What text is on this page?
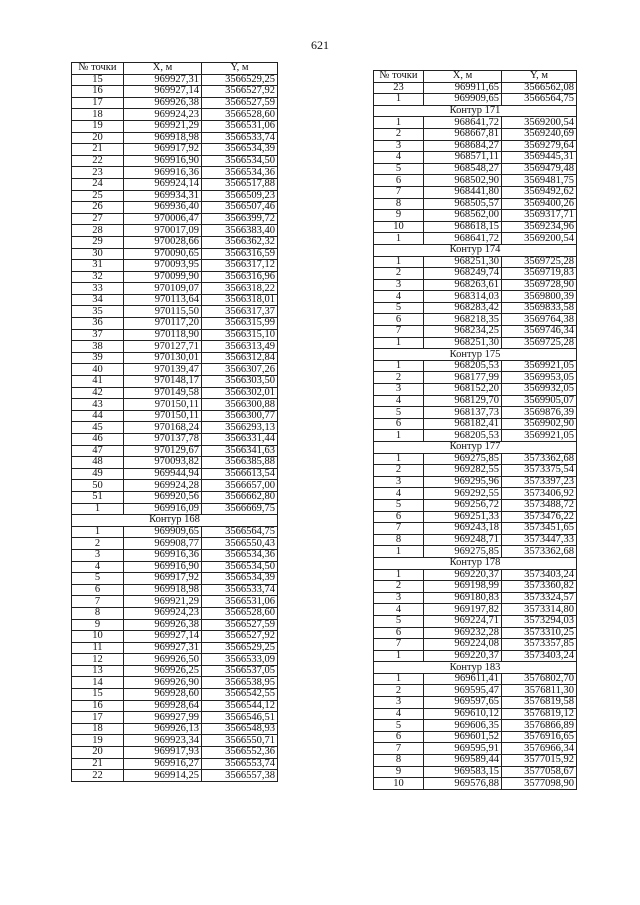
621
№ точки	X, м	Y, м
15	969927,31	3566529,25
16	969927,14	3566527,92
17	969926,38	3566527,59
18	969924,23	3566528,60
19	969921,29	3566531,06
20	969918,98	3566533,74
21	969917,92	3566534,39
22	969916,90	3566534,50
23	969916,36	3566534,36
24	969924,14	3566517,88
25	969934,31	3566509,23
26	969936,40	3566507,46
27	970006,47	3566399,72
28	970017,09	3566383,40
29	970028,66	3566362,32
30	970090,65	3566316,59
31	970093,95	3566317,12
32	970099,90	3566316,96
33	970109,07	3566318,22
34	970113,64	3566318,01
35	970115,50	3566317,37
36	970117,20	3566315,99
37	970118,90	3566315,10
38	970127,71	3566313,49
39	970130,01	3566312,84
40	970139,47	3566307,26
41	970148,17	3566303,50
42	970149,58	3566302,01
43	970150,11	3566300,88
44	970150,11	3566300,77
45	970168,24	3566293,13
46	970137,78	3566331,44
47	970129,67	3566341,63
48	970093,82	3566385,88
49	969944,94	3566613,54
50	969924,28	3566657,00
51	969920,56	3566662,80
1	969916,09	3566669,75
Контур 168		
1	969909,65	3566564,75
2	969908,77	3566550,43
3	969916,36	3566534,36
4	969916,90	3566534,50
5	969917,92	3566534,39
6	969918,98	3566533,74
7	969921,29	3566531,06
8	969924,23	3566528,60
9	969926,38	3566527,59
10	969927,14	3566527,92
11	969927,31	3566529,25
12	969926,50	3566533,09
13	969926,25	3566537,05
14	969926,90	3566538,95
15	969928,60	3566542,55
16	969928,64	3566544,12
17	969927,99	3566546,51
18	969926,13	3566548,93
19	969923,34	3566550,71
20	969917,93	3566552,36
21	969916,27	3566553,74
22	969914,25	3566557,38
№ точки	X, м	Y, м
23	969911,65	3566562,08
1	969909,65	3566564,75
Контур 171		
1	968641,72	3569200,54
2	968667,81	3569240,69
3	968684,27	3569279,64
4	968571,11	3569445,31
5	968548,27	3569479,48
6	968502,90	3569481,75
7	968441,80	3569492,62
8	968505,57	3569400,26
9	968562,00	3569317,71
10	968618,15	3569234,96
1	968641,72	3569200,54
Контур 174		
1	968251,30	3569725,28
2	968249,74	3569719,83
3	968263,61	3569728,90
4	968314,03	3569800,39
5	968283,42	3569833,58
6	968218,35	3569764,38
7	968234,25	3569746,34
1	968251,30	3569725,28
Контур 175		
1	968205,53	3569921,05
2	968177,99	3569953,05
3	968152,20	3569932,05
4	968129,70	3569905,07
5	968137,73	3569876,39
6	968182,41	3569902,90
1	968205,53	3569921,05
Контур 177		
1	969275,85	3573362,68
2	969282,55	3573375,54
3	969295,96	3573397,23
4	969292,55	3573406,92
5	969256,72	3573488,72
6	969251,33	3573476,22
7	969243,18	3573451,65
8	969248,71	3573447,33
1	969275,85	3573362,68
Контур 178		
1	969220,37	3573403,24
2	969198,99	3573360,82
3	969180,83	3573324,57
4	969197,82	3573314,80
5	969224,71	3573294,03
6	969232,28	3573310,25
7	969224,08	3573357,85
1	969220,37	3573403,24
Контур 183		
1	969611,41	3576802,70
2	969595,47	3576811,30
3	969597,65	3576819,58
4	969610,12	3576819,12
5	969606,35	3576866,89
6	969601,52	3576916,65
7	969595,91	3576966,34
8	969589,44	3577015,92
9	969583,15	3577058,67
10	969576,88	3577098,90
